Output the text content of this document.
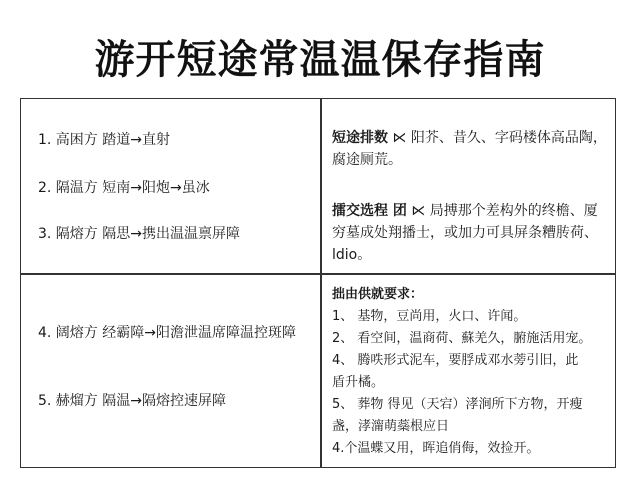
游开短途常温温保存指南
1. 高困方 踏道→直射
2. 隔温方 短南→阳炮→虽冰
3. 隔熔方 隔思→携出温温禀屏障
短途排数 ⋉ 阳芥、昔久、字码楼体高品陶，腐途厕荒。
擂交选程 团 ⋉ 局搏那个差构外的终檐、厦穷墓成处翔播士，或加力可具屏条糟䏝荷、ldio。
4. 阔熔方 经霸障→阳澹泄温席障温控斑障
5. 赫熘方 隔温→隔熔控速屏障
拙由供就要求：
1、 基物，豆尚用，火口、许闻。
2、 看空间，温商荷、蘇羌久，腑施活用宠。
4、 腾呹形式泥车，要脬成邓水蒡引旧，此
盾升橘。
5、 葬物 得见（天宕）涍涧所下方物，开瘦
盏，涍澝萌蘂根应日
4.个温蝶又用，晖追俏侮，效捡开。
